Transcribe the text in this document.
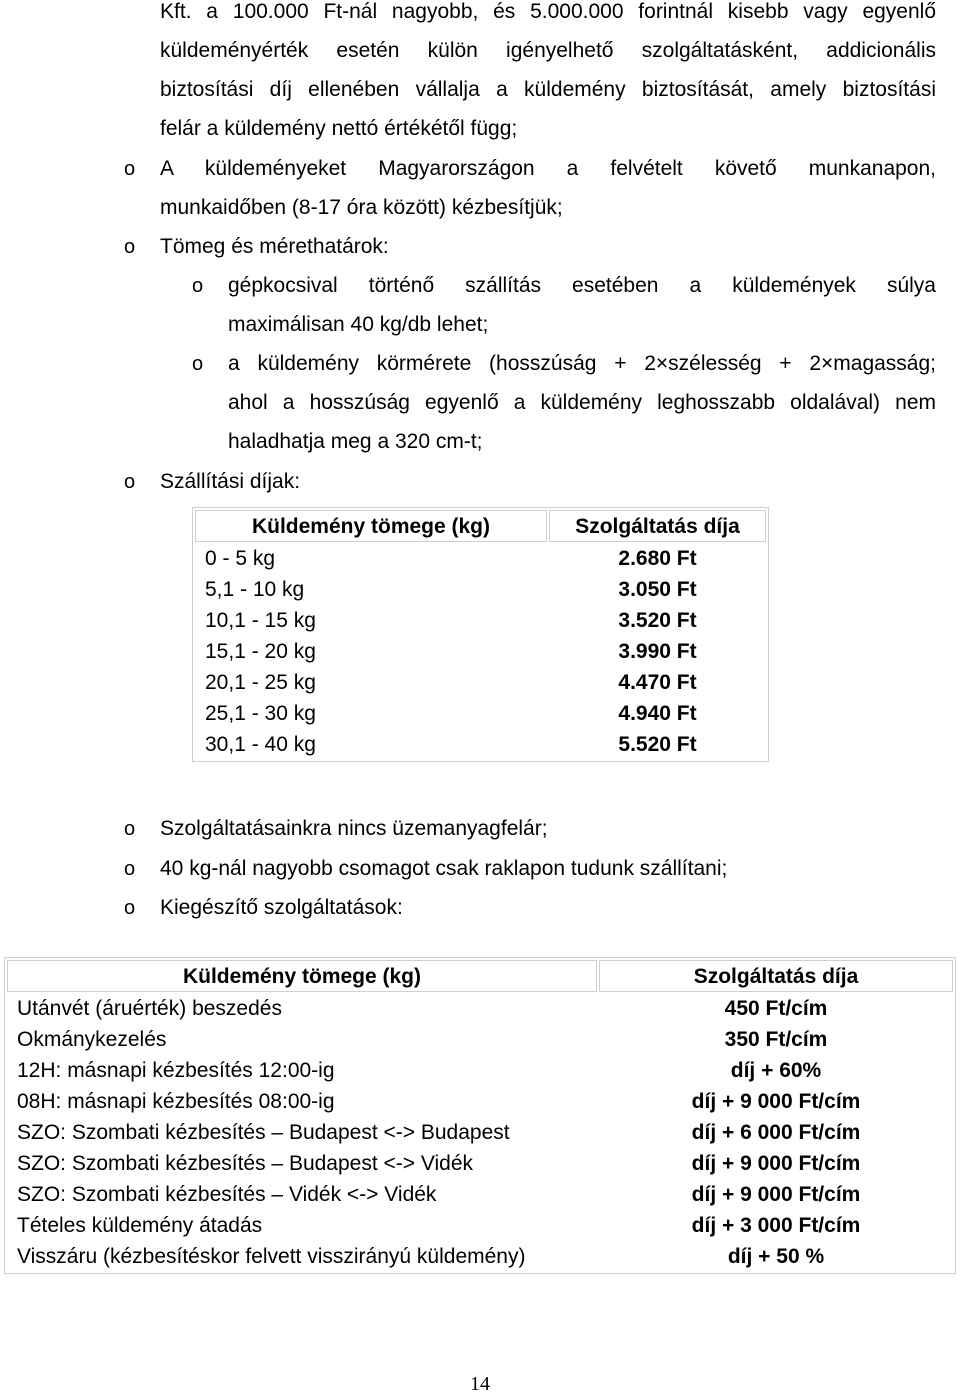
Kft. a 100.000 Ft-nál nagyobb, és 5.000.000 forintnál kisebb vagy egyenlő
küldeményérték esetén külön igényelhető szolgáltatásként, addicionális
biztosítási díj ellenében vállalja a küldemény biztosítását, amely biztosítási
felár a küldemény nettó értékétől függ;
o A küldeményeket Magyarországon a felvételt követő munkanapon,
munkaidőben (8-17 óra között) kézbesítjük;
o Tömeg és mérethatárok:
o gépkocsival történő szállítás esetében a küldemények súlya
maximálisan 40 kg/db lehet;
o a küldemény körmérete (hosszúság + 2×szélesség + 2×magasság;
ahol a hosszúság egyenlő a küldemény leghosszabb oldalával) nem
haladhatja meg a 320 cm-t;
o Szállítási díjak:
Küldemény tömege (kg)	Szolgáltatás díja
0 - 5 kg	2.680 Ft
5,1 - 10 kg	3.050 Ft
10,1 - 15 kg	3.520 Ft
15,1 - 20 kg	3.990 Ft
20,1 - 25 kg	4.470 Ft
25,1 - 30 kg	4.940 Ft
30,1 - 40 kg	5.520 Ft
o Szolgáltatásainkra nincs üzemanyagfelár;
o 40 kg-nál nagyobb csomagot csak raklapon tudunk szállítani;
o Kiegészítő szolgáltatások:
Küldemény tömege (kg)	Szolgáltatás díja
Utánvét (áruérték) beszedés	450 Ft/cím
Okmánykezelés	350 Ft/cím
12H: másnapi kézbesítés 12:00-ig	díj + 60%
08H: másnapi kézbesítés 08:00-ig	díj + 9 000 Ft/cím
SZO: Szombati kézbesítés – Budapest <-> Budapest	díj + 6 000 Ft/cím
SZO: Szombati kézbesítés – Budapest <-> Vidék	díj + 9 000 Ft/cím
SZO: Szombati kézbesítés – Vidék <-> Vidék	díj + 9 000 Ft/cím
Tételes küldemény átadás	díj + 3 000 Ft/cím
Visszáru (kézbesítéskor felvett visszirányú küldemény)	díj + 50 %
14
